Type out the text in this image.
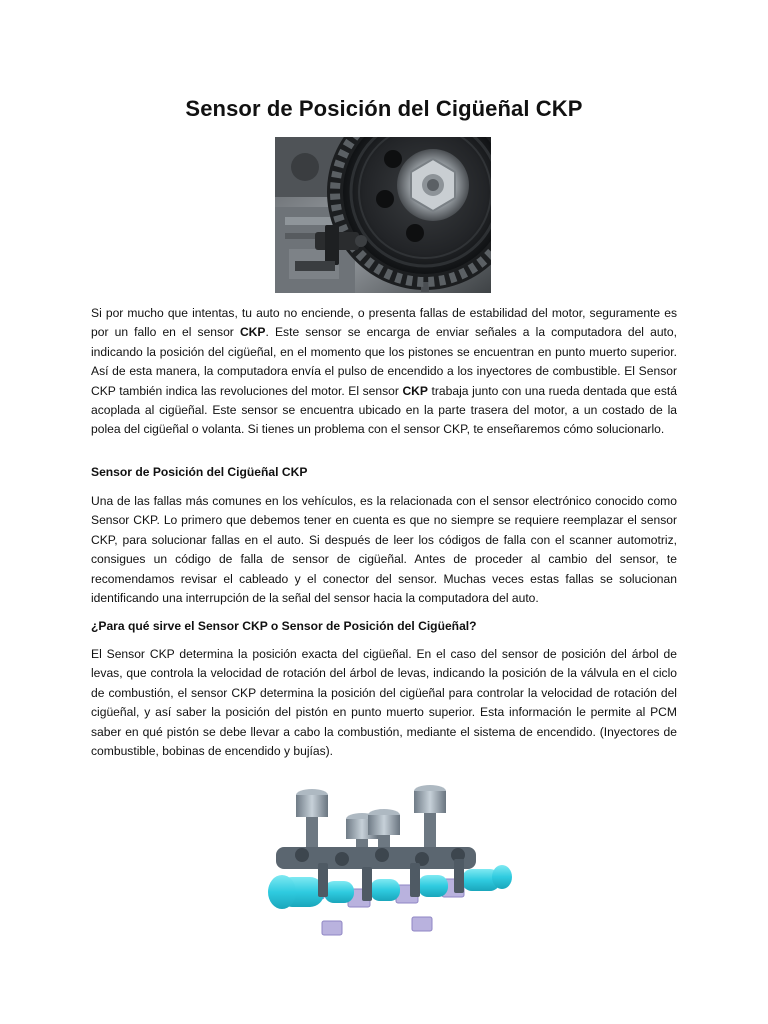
Sensor de Posición del Cigüeñal CKP

Si por mucho que intentas, tu auto no enciende, o presenta fallas de estabilidad del motor, seguramente es por un fallo en el sensor CKP. Este sensor se encarga de enviar señales a la computadora del auto, indicando la posición del cigüeñal, en el momento que los pistones se encuentran en punto muerto superior. Así de esta manera, la computadora envía el pulso de encendido a los inyectores de combustible. El Sensor CKP también indica las revoluciones del motor. El sensor CKP trabaja junto con una rueda dentada que está acoplada al cigüeñal. Este sensor se encuentra ubicado en la parte trasera del motor, a un costado de la polea del cigüeñal o volanta. Si tienes un problema con el sensor CKP, te enseñaremos cómo solucionarlo.

Sensor de Posición del Cigüeñal CKP

Una de las fallas más comunes en los vehículos, es la relacionada con el sensor electrónico conocido como Sensor CKP. Lo primero que debemos tener en cuenta es que no siempre se requiere reemplazar el sensor CKP, para solucionar fallas en el auto. Si después de leer los códigos de falla con el scanner automotriz, consigues un código de falla de sensor de cigüeñal. Antes de proceder al cambio del sensor, te recomendamos revisar el cableado y el conector del sensor. Muchas veces estas fallas se solucionan identificando una interrupción de la señal del sensor hacia la computadora del auto.

¿Para qué sirve el Sensor CKP o Sensor de Posición del Cigüeñal?

El Sensor CKP determina la posición exacta del cigüeñal. En el caso del sensor de posición del árbol de levas, que controla la velocidad de rotación del árbol de levas, indicando la posición de la válvula en el ciclo de combustión, el sensor CKP determina la posición del cigüeñal para controlar la velocidad de rotación del cigüeñal, y así saber la posición del pistón en punto muerto superior. Esta información le permite al PCM saber en qué pistón se debe llevar a cabo la combustión, mediante el sistema de encendido. (Inyectores de combustible, bobinas de encendido y bujías).
